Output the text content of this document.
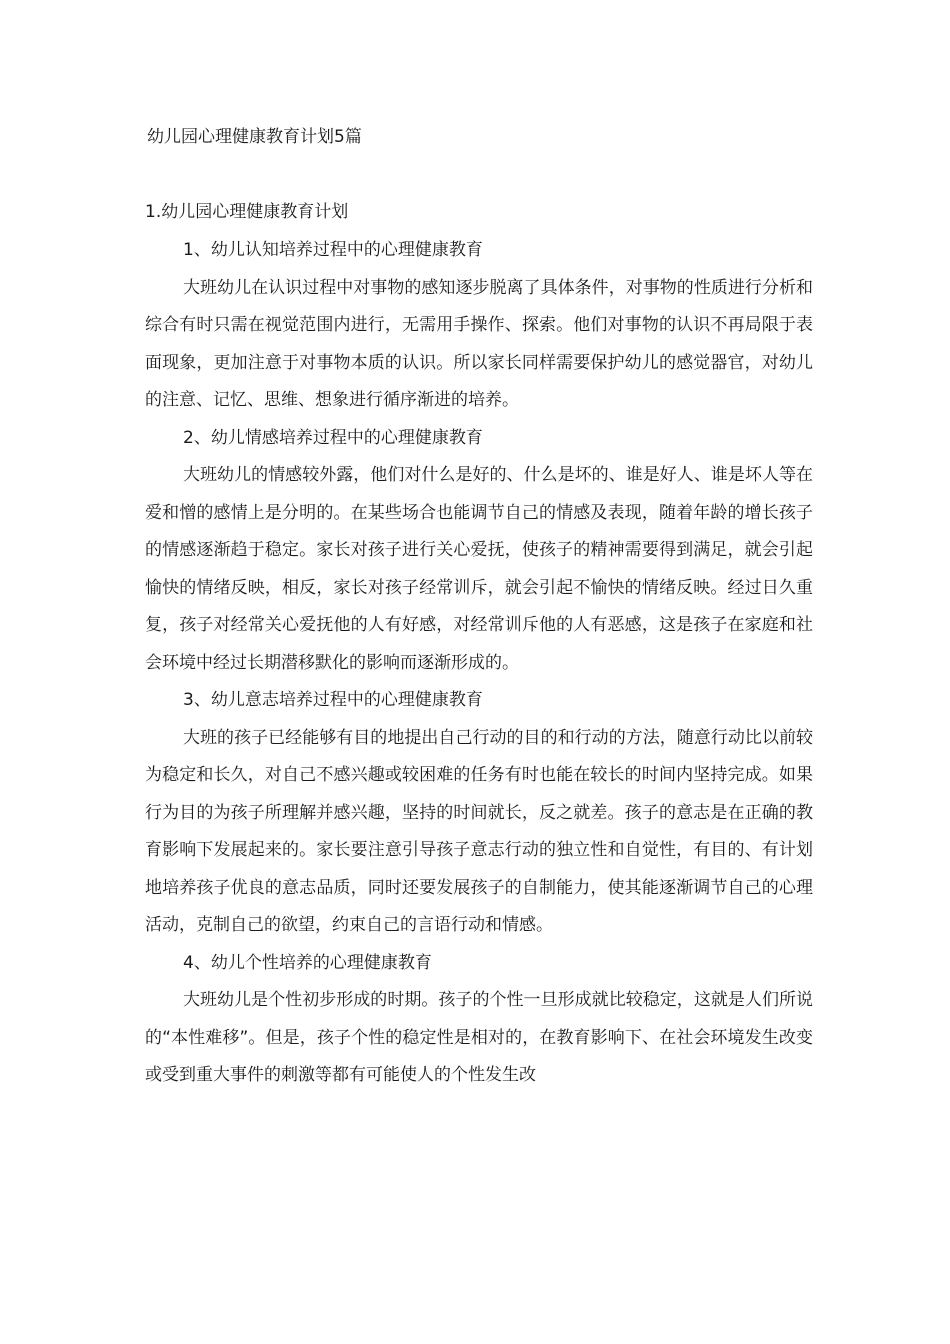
幼儿园心理健康教育计划5篇
1.幼儿园心理健康教育计划

1、幼儿认知培养过程中的心理健康教育

大班幼儿在认识过程中对事物的感知逐步脱离了具体条件，对事物的性质进行分析和综合有时只需在视觉范围内进行，无需用手操作、探索。他们对事物的认识不再局限于表面现象，更加注意于对事物本质的认识。所以家长同样需要保护幼儿的感觉器官，对幼儿的注意、记忆、思维、想象进行循序渐进的培养。

2、幼儿情感培养过程中的心理健康教育

大班幼儿的情感较外露，他们对什么是好的、什么是坏的、谁是好人、谁是坏人等在爱和憎的感情上是分明的。在某些场合也能调节自己的情感及表现，随着年龄的增长孩子的情感逐渐趋于稳定。家长对孩子进行关心爱抚，使孩子的精神需要得到满足，就会引起愉快的情绪反映，相反，家长对孩子经常训斥，就会引起不愉快的情绪反映。经过日久重复，孩子对经常关心爱抚他的人有好感，对经常训斥他的人有恶感，这是孩子在家庭和社会环境中经过长期潜移默化的影响而逐渐形成的。

3、幼儿意志培养过程中的心理健康教育

大班的孩子已经能够有目的地提出自己行动的目的和行动的方法，随意行动比以前较为稳定和长久，对自己不感兴趣或较困难的任务有时也能在较长的时间内坚持完成。如果行为目的为孩子所理解并感兴趣，坚持的时间就长，反之就差。孩子的意志是在正确的教育影响下发展起来的。家长要注意引导孩子意志行动的独立性和自觉性，有目的、有计划地培养孩子优良的意志品质，同时还要发展孩子的自制能力，使其能逐渐调节自己的心理活动，克制自己的欲望，约束自己的言语行动和情感。

4、幼儿个性培养的心理健康教育

大班幼儿是个性初步形成的时期。孩子的个性一旦形成就比较稳定，这就是人们所说的“本性难移”。但是，孩子个性的稳定性是相对的，在教育影响下、在社会环境发生改变或受到重大事件的刺激等都有可能使人的个性发生改
